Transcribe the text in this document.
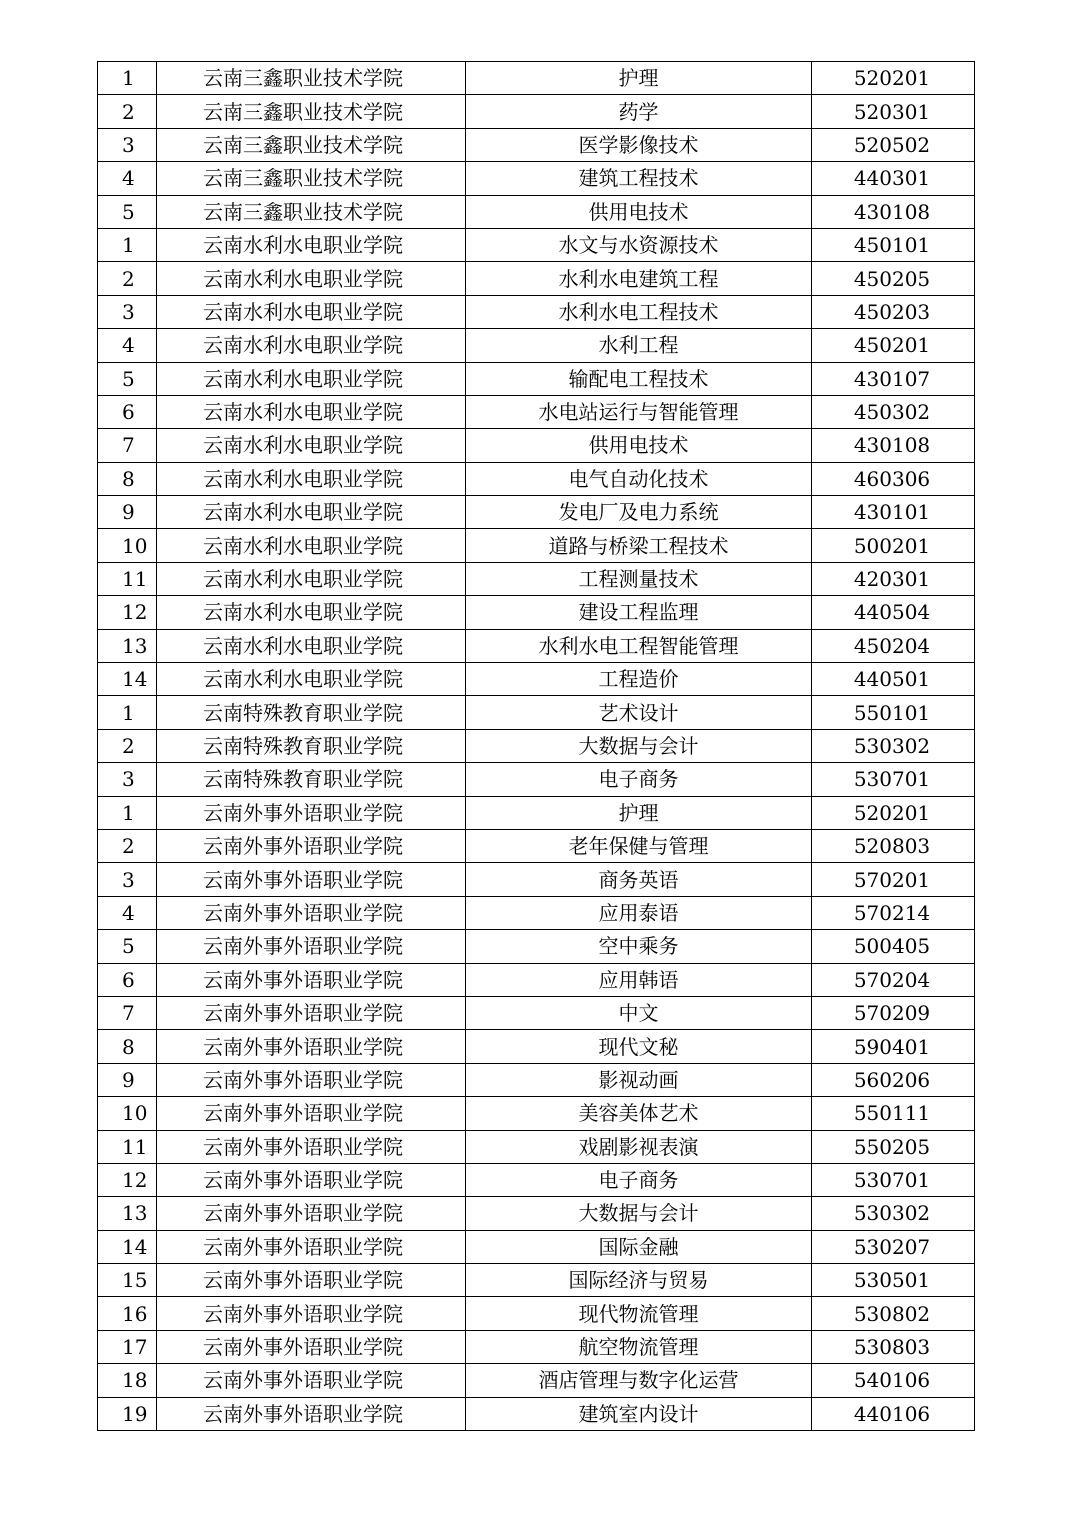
1	云南三鑫职业技术学院	护理	520201
2	云南三鑫职业技术学院	药学	520301
3	云南三鑫职业技术学院	医学影像技术	520502
4	云南三鑫职业技术学院	建筑工程技术	440301
5	云南三鑫职业技术学院	供用电技术	430108
1	云南水利水电职业学院	水文与水资源技术	450101
2	云南水利水电职业学院	水利水电建筑工程	450205
3	云南水利水电职业学院	水利水电工程技术	450203
4	云南水利水电职业学院	水利工程	450201
5	云南水利水电职业学院	输配电工程技术	430107
6	云南水利水电职业学院	水电站运行与智能管理	450302
7	云南水利水电职业学院	供用电技术	430108
8	云南水利水电职业学院	电气自动化技术	460306
9	云南水利水电职业学院	发电厂及电力系统	430101
10	云南水利水电职业学院	道路与桥梁工程技术	500201
11	云南水利水电职业学院	工程测量技术	420301
12	云南水利水电职业学院	建设工程监理	440504
13	云南水利水电职业学院	水利水电工程智能管理	450204
14	云南水利水电职业学院	工程造价	440501
1	云南特殊教育职业学院	艺术设计	550101
2	云南特殊教育职业学院	大数据与会计	530302
3	云南特殊教育职业学院	电子商务	530701
1	云南外事外语职业学院	护理	520201
2	云南外事外语职业学院	老年保健与管理	520803
3	云南外事外语职业学院	商务英语	570201
4	云南外事外语职业学院	应用泰语	570214
5	云南外事外语职业学院	空中乘务	500405
6	云南外事外语职业学院	应用韩语	570204
7	云南外事外语职业学院	中文	570209
8	云南外事外语职业学院	现代文秘	590401
9	云南外事外语职业学院	影视动画	560206
10	云南外事外语职业学院	美容美体艺术	550111
11	云南外事外语职业学院	戏剧影视表演	550205
12	云南外事外语职业学院	电子商务	530701
13	云南外事外语职业学院	大数据与会计	530302
14	云南外事外语职业学院	国际金融	530207
15	云南外事外语职业学院	国际经济与贸易	530501
16	云南外事外语职业学院	现代物流管理	530802
17	云南外事外语职业学院	航空物流管理	530803
18	云南外事外语职业学院	酒店管理与数字化运营	540106
19	云南外事外语职业学院	建筑室内设计	440106
